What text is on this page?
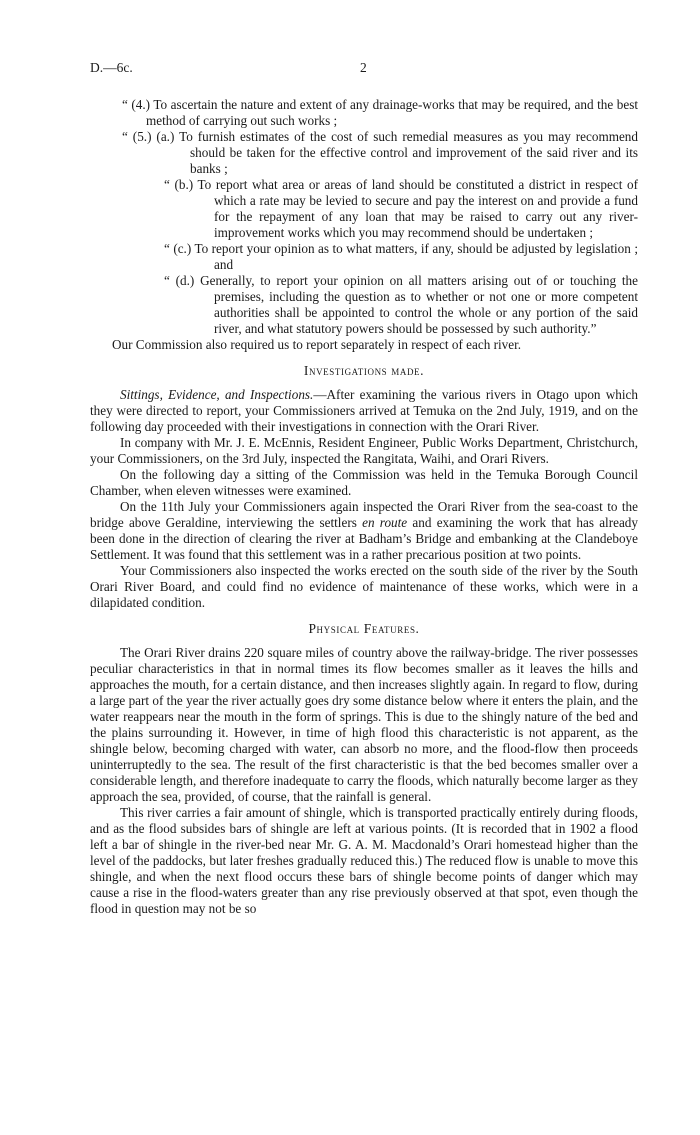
D.—6c.	2

“ (4.) To ascertain the nature and extent of any drainage-works that may be required, and the best method of carrying out such works ;

“ (5.) (a.) To furnish estimates of the cost of such remedial measures as you may recommend should be taken for the effective control and improvement of the said river and its banks ;

“ (b.) To report what area or areas of land should be constituted a district in respect of which a rate may be levied to secure and pay the interest on and provide a fund for the repayment of any loan that may be raised to carry out any river-improvement works which you may recommend should be undertaken ;

“ (c.) To report your opinion as to what matters, if any, should be adjusted by legislation ; and

“ (d.) Generally, to report your opinion on all matters arising out of or touching the premises, including the question as to whether or not one or more competent authorities shall be appointed to control the whole or any portion of the said river, and what statutory powers should be possessed by such authority.”

Our Commission also required us to report separately in respect of each river.

Investigations made.

Sittings, Evidence, and Inspections.—After examining the various rivers in Otago upon which they were directed to report, your Commissioners arrived at Temuka on the 2nd July, 1919, and on the following day proceeded with their investigations in connection with the Orari River.

In company with Mr. J. E. McEnnis, Resident Engineer, Public Works Department, Christchurch, your Commissioners, on the 3rd July, inspected the Rangitata, Waihi, and Orari Rivers.

On the following day a sitting of the Commission was held in the Temuka Borough Council Chamber, when eleven witnesses were examined.

On the 11th July your Commissioners again inspected the Orari River from the sea-coast to the bridge above Geraldine, interviewing the settlers en route and examining the work that has already been done in the direction of clearing the river at Badham’s Bridge and embanking at the Clandeboye Settlement. It was found that this settlement was in a rather precarious position at two points.

Your Commissioners also inspected the works erected on the south side of the river by the South Orari River Board, and could find no evidence of maintenance of these works, which were in a dilapidated condition.

Physical Features.

The Orari River drains 220 square miles of country above the railway-bridge. The river possesses peculiar characteristics in that in normal times its flow becomes smaller as it leaves the hills and approaches the mouth, for a certain distance, and then increases slightly again. In regard to flow, during a large part of the year the river actually goes dry some distance below where it enters the plain, and the water reappears near the mouth in the form of springs. This is due to the shingly nature of the bed and the plains surrounding it. However, in time of high flood this characteristic is not apparent, as the shingle below, becoming charged with water, can absorb no more, and the flood-flow then proceeds uninterruptedly to the sea. The result of the first characteristic is that the bed becomes smaller over a considerable length, and therefore inadequate to carry the floods, which naturally become larger as they approach the sea, provided, of course, that the rainfall is general.

This river carries a fair amount of shingle, which is transported practically entirely during floods, and as the flood subsides bars of shingle are left at various points. (It is recorded that in 1902 a flood left a bar of shingle in the river-bed near Mr. G. A. M. Macdonald’s Orari homestead higher than the level of the paddocks, but later freshes gradually reduced this.) The reduced flow is unable to move this shingle, and when the next flood occurs these bars of shingle become points of danger which may cause a rise in the flood-waters greater than any rise previously observed at that spot, even though the flood in question may not be so
